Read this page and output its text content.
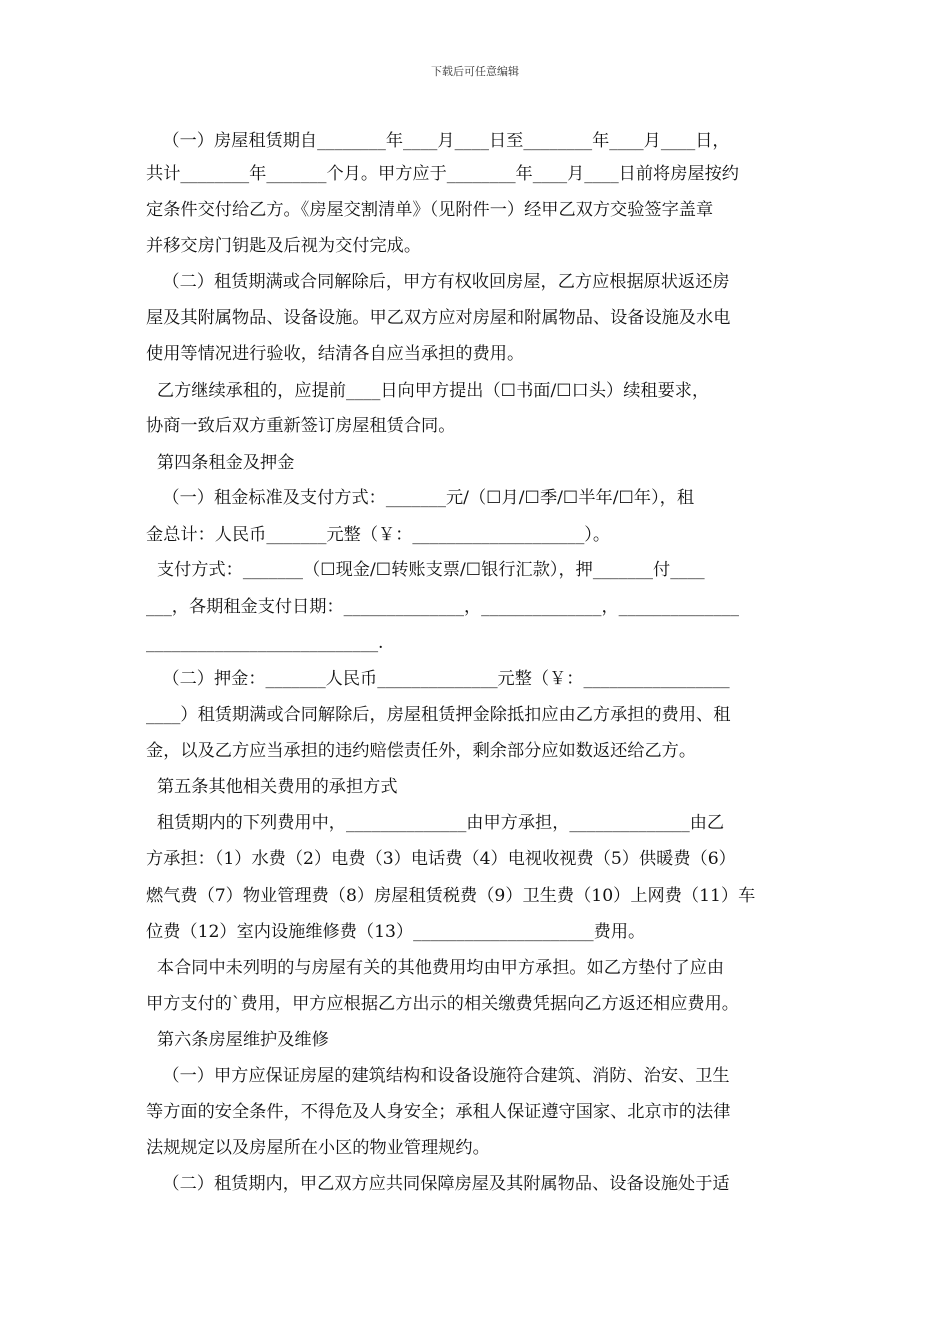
下载后可任意编辑
（一）房屋租赁期自________年____月____日至________年____月____日，
共计________年_______个月。甲方应于________年____月____日前将房屋按约
定条件交付给乙方。《房屋交割清单》（见附件一）经甲乙双方交验签字盖章
并移交房门钥匙及后视为交付完成。
（二）租赁期满或合同解除后，甲方有权收回房屋，乙方应根据原状返还房
屋及其附属物品、设备设施。甲乙双方应对房屋和附属物品、设备设施及水电
使用等情况进行验收，结清各自应当承担的费用。
乙方继续承租的，应提前____日向甲方提出（☐书面/☐口头）续租要求，
协商一致后双方重新签订房屋租赁合同。
第四条租金及押金
（一）租金标准及支付方式：_______元/（☐月/☐季/☐半年/☐年），租
金总计：人民币_______元整（￥：____________________）。
支付方式：_______（☐现金/☐转账支票/☐银行汇款），押_______付____
___，各期租金支付日期：______________，______________，______________
___________________________.
（二）押金：_______人民币______________元整（￥：_________________
____）租赁期满或合同解除后，房屋租赁押金除抵扣应由乙方承担的费用、租
金，以及乙方应当承担的违约赔偿责任外，剩余部分应如数返还给乙方。
第五条其他相关费用的承担方式
租赁期内的下列费用中，______________由甲方承担，______________由乙
方承担：（1）水费（2）电费（3）电话费（4）电视收视费（5）供暖费（6）
燃气费（7）物业管理费（8）房屋租赁税费（9）卫生费（10）上网费（11）车
位费（12）室内设施维修费（13）_____________________费用。
本合同中未列明的与房屋有关的其他费用均由甲方承担。如乙方垫付了应由
甲方支付的`费用，甲方应根据乙方出示的相关缴费凭据向乙方返还相应费用。
第六条房屋维护及维修
（一）甲方应保证房屋的建筑结构和设备设施符合建筑、消防、治安、卫生
等方面的安全条件，不得危及人身安全；承租人保证遵守国家、北京市的法律
法规规定以及房屋所在小区的物业管理规约。
（二）租赁期内，甲乙双方应共同保障房屋及其附属物品、设备设施处于适
